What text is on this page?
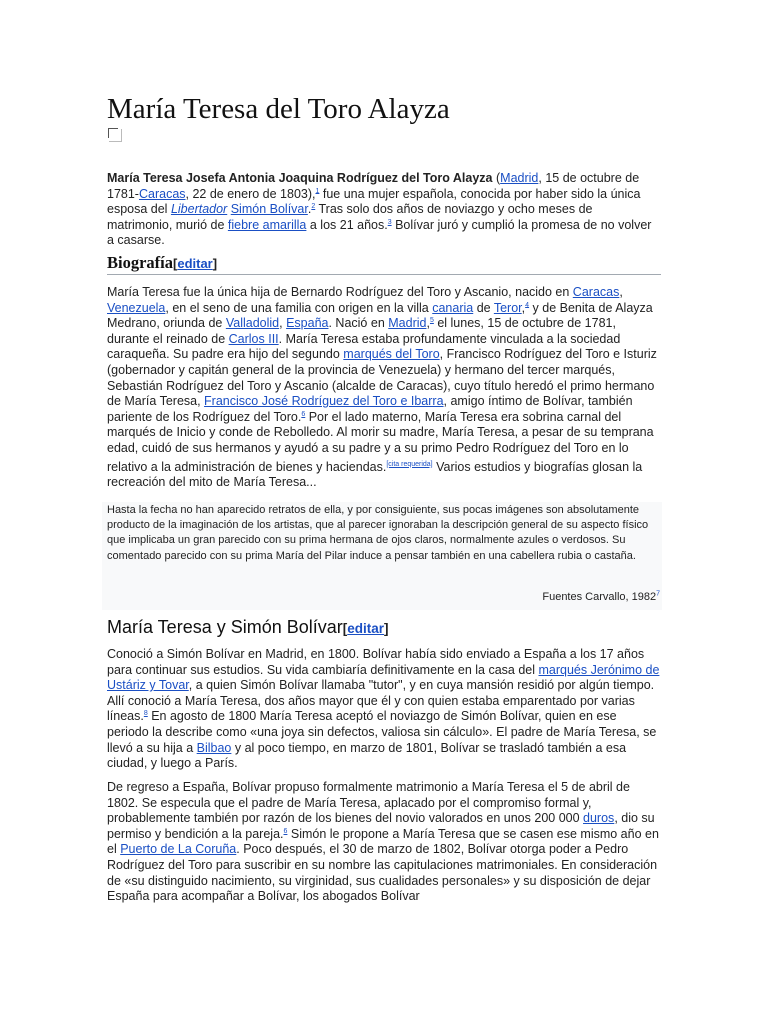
María Teresa del Toro Alayza

María Teresa Josefa Antonia Joaquina Rodríguez del Toro Alayza (Madrid, 15 de octubre de 1781-Caracas, 22 de enero de 1803),$^1$ fue una mujer española, conocida por haber sido la única esposa del Libertador Simón Bolívar.$^2$ Tras solo dos años de noviazgo y ocho meses de matrimonio, murió de fiebre amarilla a los 21 años.$^3$ Bolívar juró y cumplió la promesa de no volver a casarse.

Biografía[editar]

María Teresa fue la única hija de Bernardo Rodríguez del Toro y Ascanio, nacido en Caracas, Venezuela, en el seno de una familia con origen en la villa canaria de Teror,$^4$ y de Benita de Alayza Medrano, oriunda de Valladolid, España. Nació en Madrid,$^5$ el lunes, 15 de octubre de 1781, durante el reinado de Carlos III. María Teresa estaba profundamente vinculada a la sociedad caraqueña. Su padre era hijo del segundo marqués del Toro, Francisco Rodríguez del Toro e Isturiz (gobernador y capitán general de la provincia de Venezuela) y hermano del tercer marqués, Sebastián Rodríguez del Toro y Ascanio (alcalde de Caracas), cuyo título heredó el primo hermano de María Teresa, Francisco José Rodríguez del Toro e Ibarra, amigo íntimo de Bolívar, también pariente de los Rodríguez del Toro.$^6$ Por el lado materno, María Teresa era sobrina carnal del marqués de Inicio y conde de Rebolledo. Al morir su madre, María Teresa, a pesar de su temprana edad, cuidó de sus hermanos y ayudó a su padre y a su primo Pedro Rodríguez del Toro en lo relativo a la administración de bienes y haciendas.[cita requerida] Varios estudios y biografías glosan la recreación del mito de María Teresa...

Hasta la fecha no han aparecido retratos de ella, y por consiguiente, sus pocas imágenes son absolutamente producto de la imaginación de los artistas, que al parecer ignoraban la descripción general de su aspecto físico que implicaba un gran parecido con su prima hermana de ojos claros, normalmente azules o verdosos. Su comentado parecido con su prima María del Pilar induce a pensar también en una cabellera rubia o castaña.

Fuentes Carvallo, 1982$^7$

María Teresa y Simón Bolívar[editar]

Conoció a Simón Bolívar en Madrid, en 1800. Bolívar había sido enviado a España a los 17 años para continuar sus estudios. Su vida cambiaría definitivamente en la casa del marqués Jerónimo de Ustáriz y Tovar, a quien Simón Bolívar llamaba "tutor", y en cuya mansión residió por algún tiempo. Allí conoció a María Teresa, dos años mayor que él y con quien estaba emparentado por varias líneas.$^8$ En agosto de 1800 María Teresa aceptó el noviazgo de Simón Bolívar, quien en ese periodo la describe como «una joya sin defectos, valiosa sin cálculo». El padre de María Teresa, se llevó a su hija a Bilbao y al poco tiempo, en marzo de 1801, Bolívar se trasladó también a esa ciudad, y luego a París.

De regreso a España, Bolívar propuso formalmente matrimonio a María Teresa el 5 de abril de 1802. Se especula que el padre de María Teresa, aplacado por el compromiso formal y, probablemente también por razón de los bienes del novio valorados en unos 200 000 duros, dio su permiso y bendición a la pareja.$^6$ Simón le propone a María Teresa que se casen ese mismo año en el Puerto de La Coruña. Poco después, el 30 de marzo de 1802, Bolívar otorga poder a Pedro Rodríguez del Toro para suscribir en su nombre las capitulaciones matrimoniales. En consideración de «su distinguido nacimiento, su virginidad, sus cualidades personales» y su disposición de dejar España para acompañar a Bolívar, los abogados Bolívar
